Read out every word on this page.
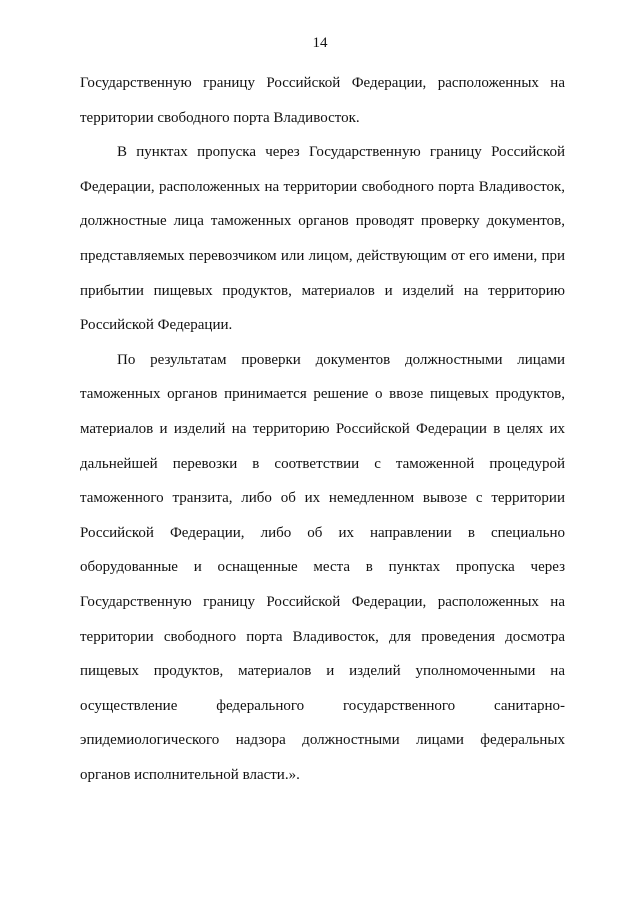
14

Государственную границу Российской Федерации, расположенных на
территории свободного порта Владивосток.

В пунктах пропуска через Государственную границу Российской
Федерации, расположенных на территории свободного порта Владивосток,
должностные лица таможенных органов проводят проверку документов,
представляемых перевозчиком или лицом, действующим от его имени, при
прибытии пищевых продуктов, материалов и изделий на территорию
Российской Федерации.

По результатам проверки документов должностными лицами
таможенных органов принимается решение о ввозе пищевых продуктов,
материалов и изделий на территорию Российской Федерации в целях их
дальнейшей перевозки в соответствии с таможенной процедурой
таможенного транзита, либо об их немедленном вывозе с территории
Российской Федерации, либо об их направлении в специально
оборудованные и оснащенные места в пунктах пропуска через
Государственную границу Российской Федерации, расположенных на
территории свободного порта Владивосток, для проведения досмотра
пищевых продуктов, материалов и изделий уполномоченными на
осуществление федерального государственного санитарно-
эпидемиологического надзора должностными лицами федеральных
органов исполнительной власти.».
